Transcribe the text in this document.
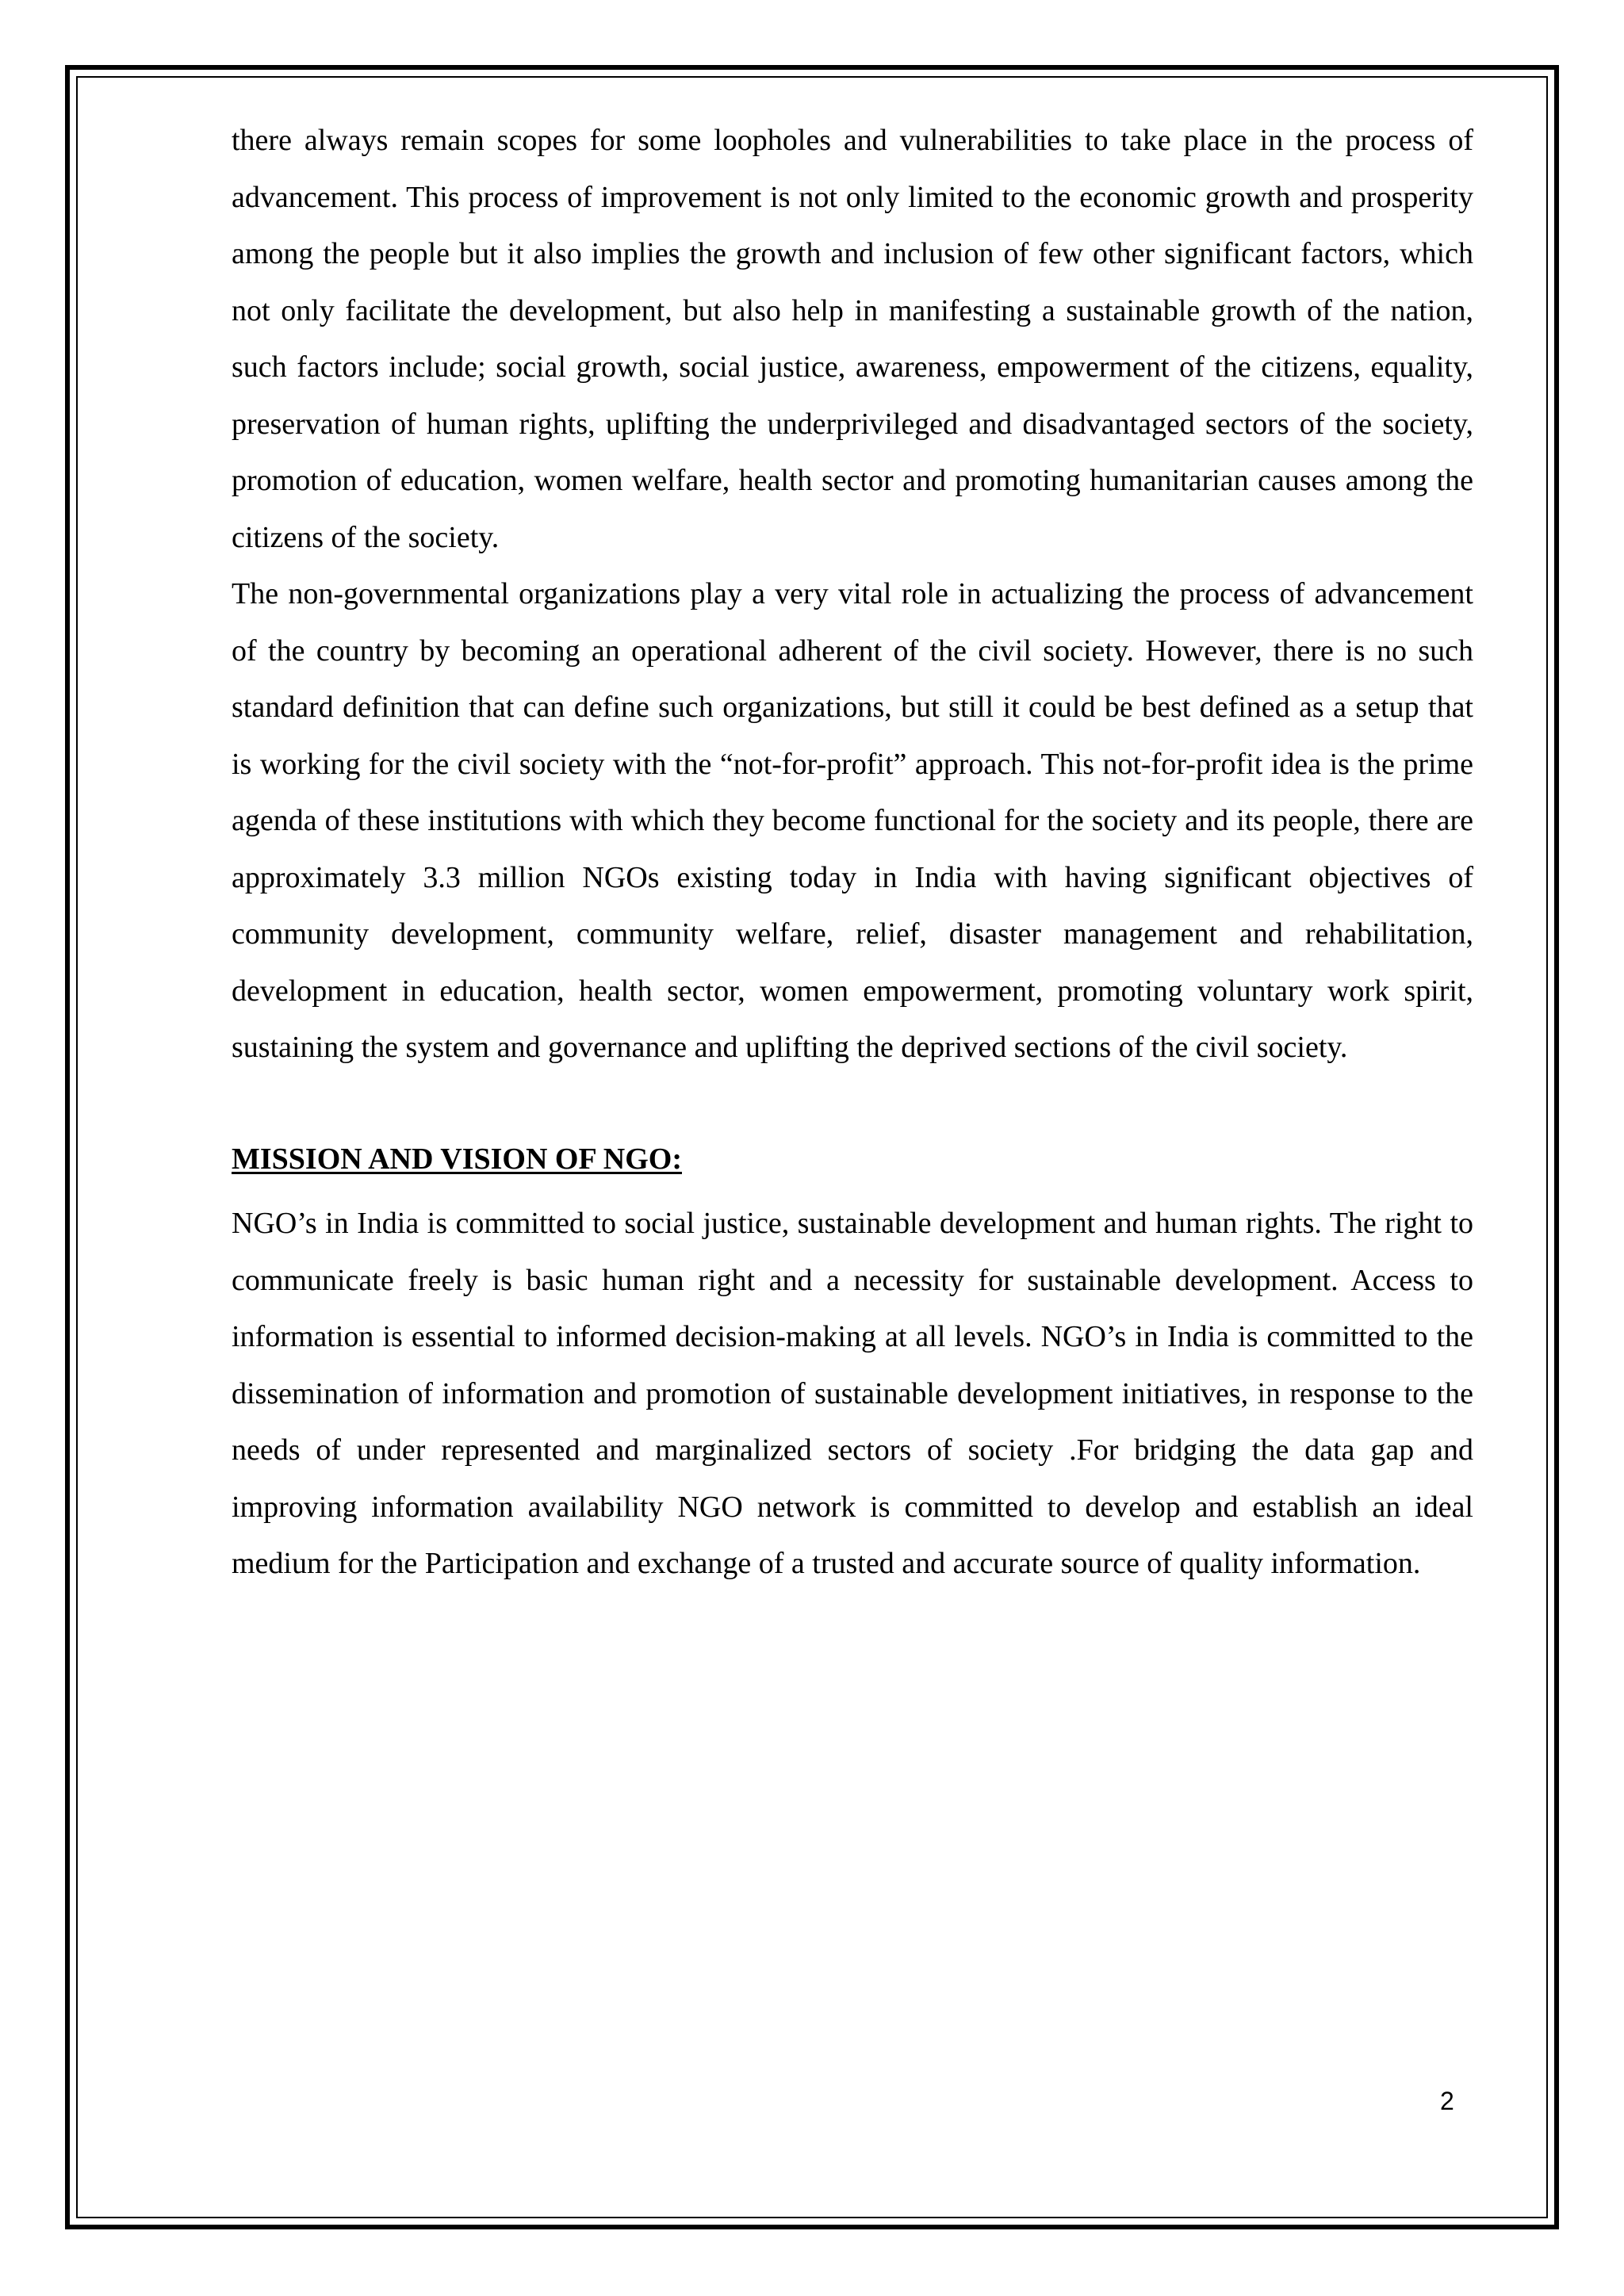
there always remain scopes for some loopholes and vulnerabilities to take place in the process of advancement. This process of improvement is not only limited to the economic growth and prosperity among the people but it also implies the growth and inclusion of few other significant factors, which not only facilitate the development, but also help in manifesting a sustainable growth of the nation, such factors include; social growth, social justice, awareness, empowerment of the citizens, equality, preservation of human rights, uplifting the underprivileged and disadvantaged sectors of the society, promotion of education, women welfare, health sector and promoting humanitarian causes among the citizens of the society.

The non-governmental organizations play a very vital role in actualizing the process of advancement of the country by becoming an operational adherent of the civil society. However, there is no such standard definition that can define such organizations, but still it could be best defined as a setup that is working for the civil society with the “not-for-profit” approach. This not-for-profit idea is the prime agenda of these institutions with which they become functional for the society and its people, there are approximately 3.3 million NGOs existing today in India with having significant objectives of community development, community welfare, relief, disaster management and rehabilitation, development in education, health sector, women empowerment, promoting voluntary work spirit, sustaining the system and governance and uplifting the deprived sections of the civil society.

MISSION AND VISION OF NGO:

NGO’s in India is committed to social justice, sustainable development and human rights. The right to communicate freely is basic human right and a necessity for sustainable development. Access to information is essential to informed decision-making at all levels. NGO’s in India is committed to the dissemination of information and promotion of sustainable development initiatives, in response to the needs of under represented and marginalized sectors of society .For bridging the data gap and improving information availability NGO network is committed to develop and establish an ideal medium for the Participation and exchange of a trusted and accurate source of quality information.

2
